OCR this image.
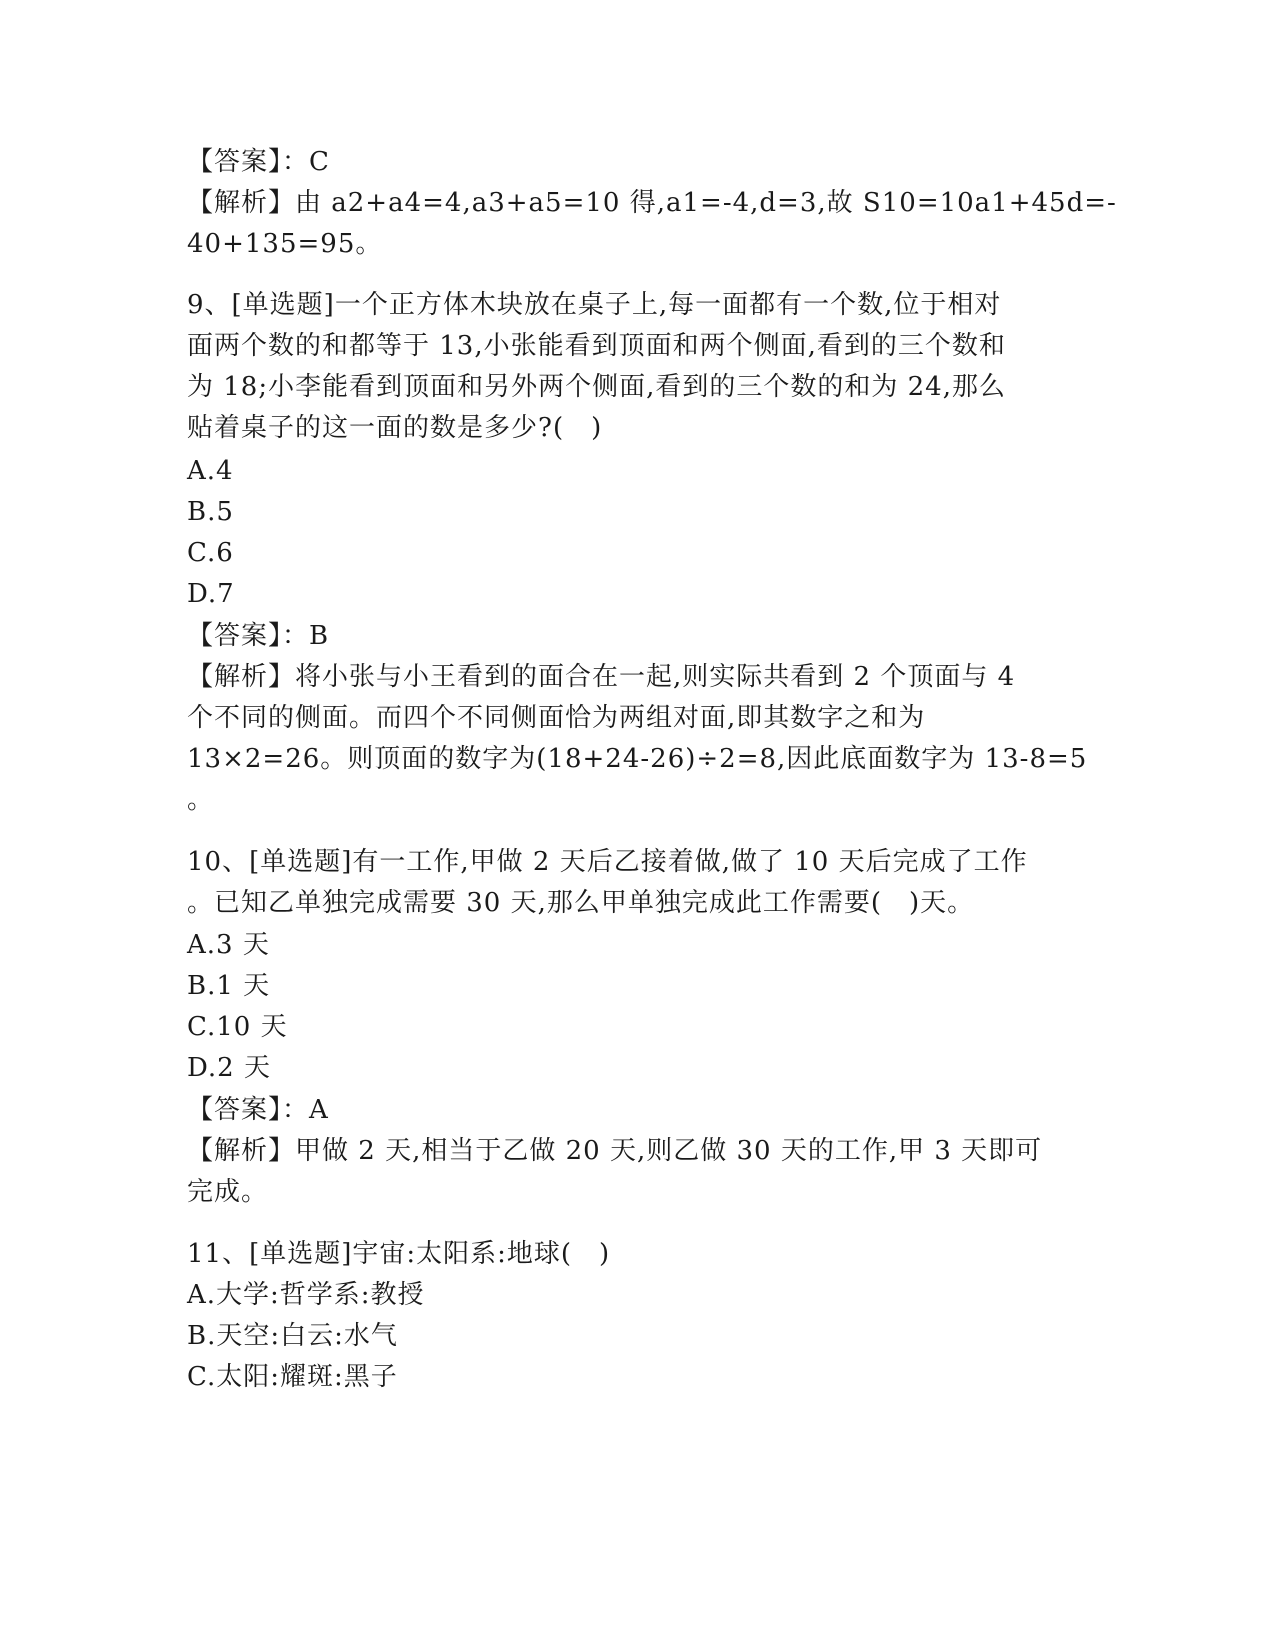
【答案】：C
【解析】由 a2+a4=4,a3+a5=10 得,a1=-4,d=3,故 S10=10a1+45d=-
40+135=95。
9、[单选题]一个正方体木块放在桌子上,每一面都有一个数,位于相对
面两个数的和都等于 13,小张能看到顶面和两个侧面,看到的三个数和
为 18;小李能看到顶面和另外两个侧面,看到的三个数的和为 24,那么
贴着桌子的这一面的数是多少?(　)
A.4
B.5
C.6
D.7
【答案】：B
【解析】将小张与小王看到的面合在一起,则实际共看到 2 个顶面与 4
个不同的侧面。而四个不同侧面恰为两组对面,即其数字之和为
13×2=26。则顶面的数字为(18+24-26)÷2=8,因此底面数字为 13-8=5
。
10、[单选题]有一工作,甲做 2 天后乙接着做,做了 10 天后完成了工作
。已知乙单独完成需要 30 天,那么甲单独完成此工作需要(　)天。
A.3 天
B.1 天
C.10 天
D.2 天
【答案】：A
【解析】甲做 2 天,相当于乙做 20 天,则乙做 30 天的工作,甲 3 天即可
完成。
11、[单选题]宇宙:太阳系:地球(　)
A.大学:哲学系:教授
B.天空:白云:水气
C.太阳:耀斑:黑子
